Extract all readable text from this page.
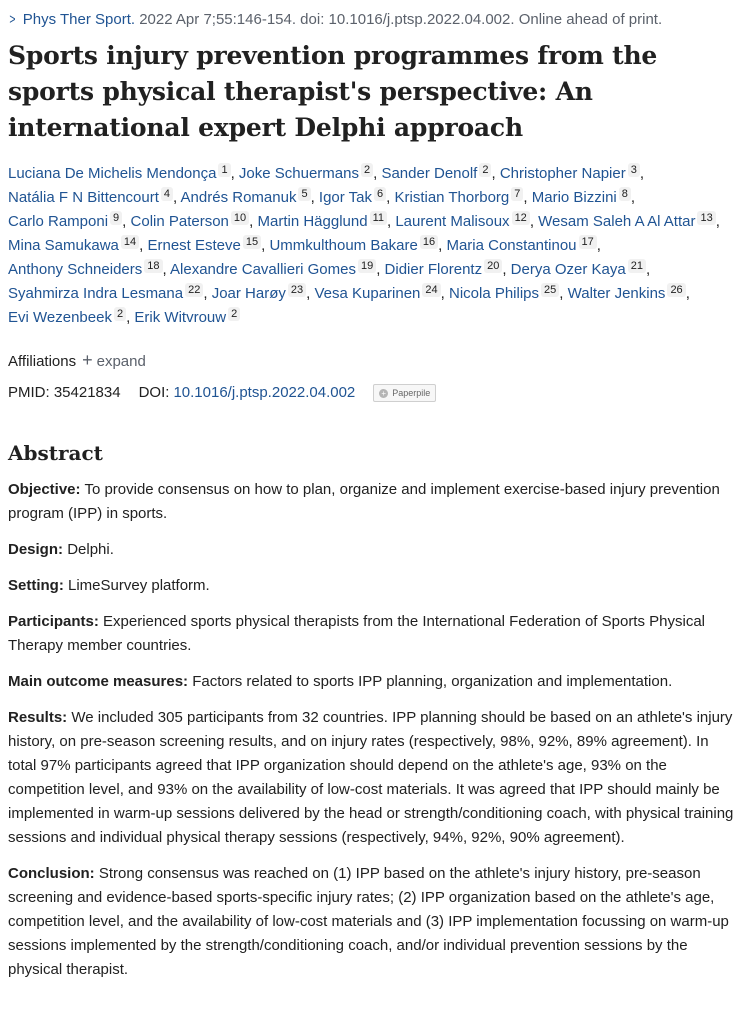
> Phys Ther Sport. 2022 Apr 7;55:146-154. doi: 10.1016/j.ptsp.2022.04.002. Online ahead of print.
Sports injury prevention programmes from the sports physical therapist's perspective: An international expert Delphi approach
Luciana De Michelis Mendonça 1 , Joke Schuermans 2 , Sander Denolf 2 , Christopher Napier 3 , Natália F N Bittencourt 4 , Andrés Romanuk 5 , Igor Tak 6 , Kristian Thorborg 7 , Mario Bizzini 8 , Carlo Ramponi 9 , Colin Paterson 10 , Martin Hägglund 11 , Laurent Malisoux 12 , Wesam Saleh A Al Attar 13 , Mina Samukawa 14 , Ernest Esteve 15 , Ummkulthoum Bakare 16 , Maria Constantinou 17 , Anthony Schneiders 18 , Alexandre Cavallieri Gomes 19 , Didier Florentz 20 , Derya Ozer Kaya 21 , Syahmirza Indra Lesmana 22 , Joar Harøy 23 , Vesa Kuparinen 24 , Nicola Philips 25 , Walter Jenkins 26 , Evi Wezenbeek 2 , Erik Witvrouw 2
Affiliations + expand
PMID:
35421834 DOI: 10.1016/j.ptsp.2022.04.002	+ Paperpile
Abstract

Objective: To provide consensus on how to plan, organize and implement exercise-based injury prevention program (IPP) in sports.

Design: Delphi.

Setting: LimeSurvey platform.

Participants: Experienced sports physical therapists from the International Federation of Sports Physical Therapy member countries.

Main outcome measures: Factors related to sports IPP planning, organization and implementation.

Results: We included 305 participants from 32 countries. IPP planning should be based on an athlete's injury history, on pre-season screening results, and on injury rates (respectively, 98%, 92%, 89% agreement). In total 97% participants agreed that IPP organization should depend on the athlete's age, 93% on the competition level, and 93% on the availability of low-cost materials. It was agreed that IPP should mainly be implemented in warm-up sessions delivered by the head or strength/conditioning coach, with physical training sessions and individual physical therapy sessions (respectively, 94%, 92%, 90% agreement).

Conclusion: Strong consensus was reached on (1) IPP based on the athlete's injury history, pre-season screening and evidence-based sports-specific injury rates; (2) IPP organization based on the athlete's age, competition level, and the availability of low-cost materials and (3) IPP implementation focussing on warm-up sessions implemented by the strength/conditioning coach, and/or individual prevention sessions by the physical therapist.
